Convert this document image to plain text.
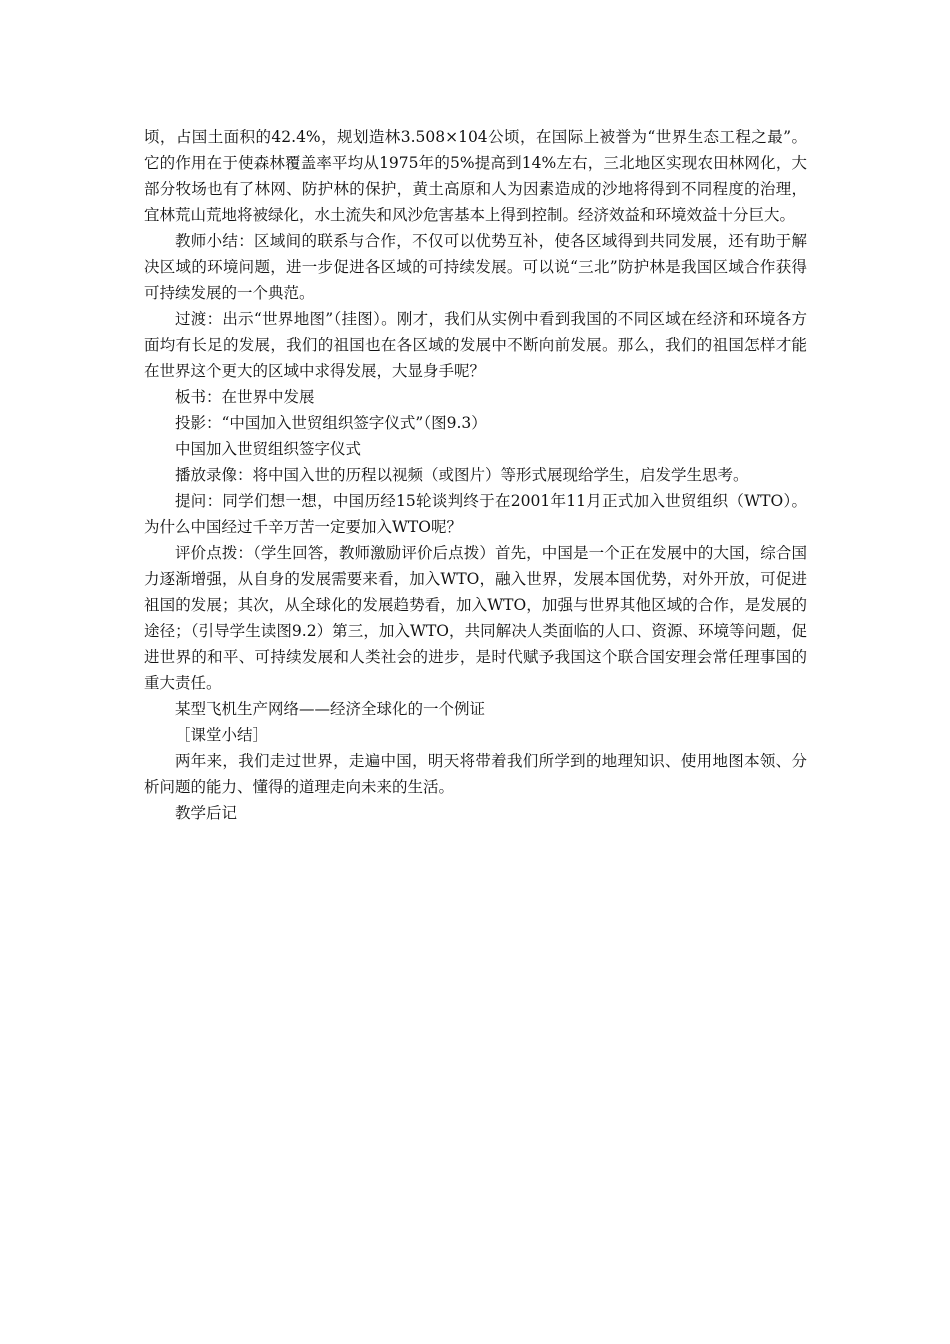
顷，占国土面积的42.4%，规划造林3.508×104公顷，在国际上被誉为“世界生态工程之最”。它的作用在于使森林覆盖率平均从1975年的5%提高到14%左右，三北地区实现农田林网化，大部分牧场也有了林网、防护林的保护，黄土高原和人为因素造成的沙地将得到不同程度的治理，宜林荒山荒地将被绿化，水土流失和风沙危害基本上得到控制。经济效益和环境效益十分巨大。

教师小结：区域间的联系与合作，不仅可以优势互补，使各区域得到共同发展，还有助于解决区域的环境问题，进一步促进各区域的可持续发展。可以说“三北”防护林是我国区域合作获得可持续发展的一个典范。

过渡：出示“世界地图”（挂图）。刚才，我们从实例中看到我国的不同区域在经济和环境各方面均有长足的发展，我们的祖国也在各区域的发展中不断向前发展。那么，我们的祖国怎样才能在世界这个更大的区域中求得发展，大显身手呢？

板书：在世界中发展

投影：“中国加入世贸组织签字仪式”（图9.3）

中国加入世贸组织签字仪式

播放录像：将中国入世的历程以视频（或图片）等形式展现给学生，启发学生思考。

提问：同学们想一想，中国历经15轮谈判终于在2001年11月正式加入世贸组织（WTO）。为什么中国经过千辛万苦一定要加入WTO呢？

评价点拨：（学生回答，教师激励评价后点拨）首先，中国是一个正在发展中的大国，综合国力逐渐增强，从自身的发展需要来看，加入WTO，融入世界，发展本国优势，对外开放，可促进祖国的发展；其次，从全球化的发展趋势看，加入WTO，加强与世界其他区域的合作，是发展的途径；（引导学生读图9.2）第三，加入WTO，共同解决人类面临的人口、资源、环境等问题，促进世界的和平、可持续发展和人类社会的进步，是时代赋予我国这个联合国安理会常任理事国的重大责任。

某型飞机生产网络——经济全球化的一个例证

［课堂小结］

两年来，我们走过世界，走遍中国，明天将带着我们所学到的地理知识、使用地图本领、分析问题的能力、懂得的道理走向未来的生活。

教学后记
